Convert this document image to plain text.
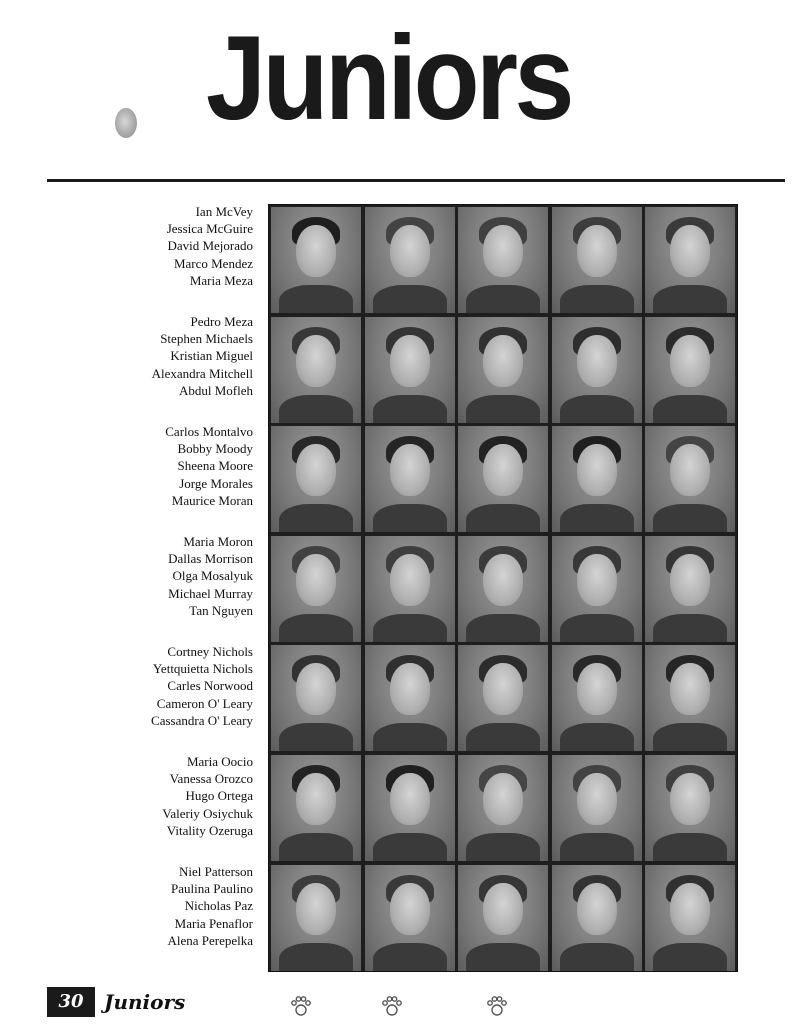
Juniors
Ian McVey
Jessica McGuire
David Mejorado
Marco Mendez
Maria Meza
Pedro Meza
Stephen Michaels
Kristian Miguel
Alexandra Mitchell
Abdul Mofleh
Carlos Montalvo
Bobby Moody
Sheena Moore
Jorge Morales
Maurice Moran
Maria Moron
Dallas Morrison
Olga Mosalyuk
Michael Murray
Tan Nguyen
Cortney Nichols
Yettquietta Nichols
Carles Norwood
Cameron O' Leary
Cassandra O' Leary
Maria Oocio
Vanessa Orozco
Hugo Ortega
Valeriy Osiychuk
Vitality Ozeruga
Niel Patterson
Paulina Paulino
Nicholas Paz
Maria Penaflor
Alena Perepelka
30	Juniors
